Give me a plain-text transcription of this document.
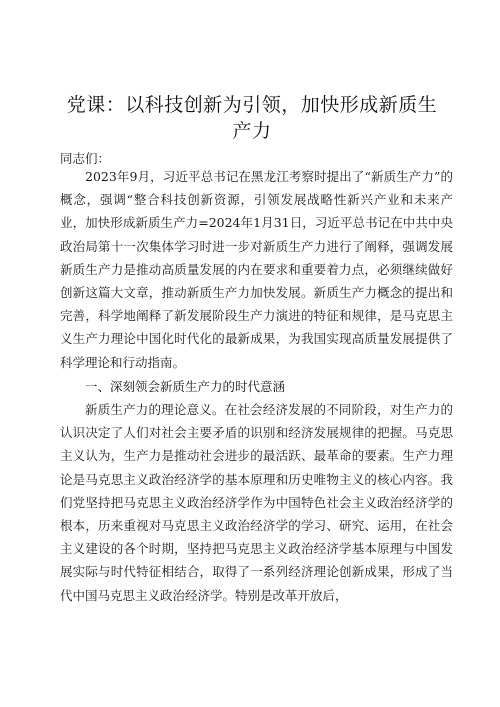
党课：以科技创新为引领，加快形成新质生产力
同志们：

2023年9月，习近平总书记在黑龙江考察时提出了“新质生产力”的概念，强调“整合科技创新资源，引领发展战略性新兴产业和未来产业，加快形成新质生产力=2024年1月31日，习近平总书记在中共中央政治局第十一次集体学习时进一步对新质生产力进行了阐释，强调发展新质生产力是推动高质量发展的内在要求和重要着力点，必须继续做好创新这篇大文章，推动新质生产力加快发展。新质生产力概念的提出和完善，科学地阐释了新发展阶段生产力演进的特征和规律，是马克思主义生产力理论中国化时代化的最新成果，为我国实现高质量发展提供了科学理论和行动指南。

一、深刻领会新质生产力的时代意涵

新质生产力的理论意义。在社会经济发展的不同阶段，对生产力的认识决定了人们对社会主要矛盾的识别和经济发展规律的把握。马克思主义认为，生产力是推动社会进步的最活跃、最革命的要素。生产力理论是马克思主义政治经济学的基本原理和历史唯物主义的核心内容。我们党坚持把马克思主义政治经济学作为中国特色社会主义政治经济学的根本，历来重视对马克思主义政治经济学的学习、研究、运用，在社会主义建设的各个时期，坚持把马克思主义政治经济学基本原理与中国发展实际与时代特征相结合，取得了一系列经济理论创新成果，形成了当代中国马克思主义政治经济学。特别是改革开放后，
